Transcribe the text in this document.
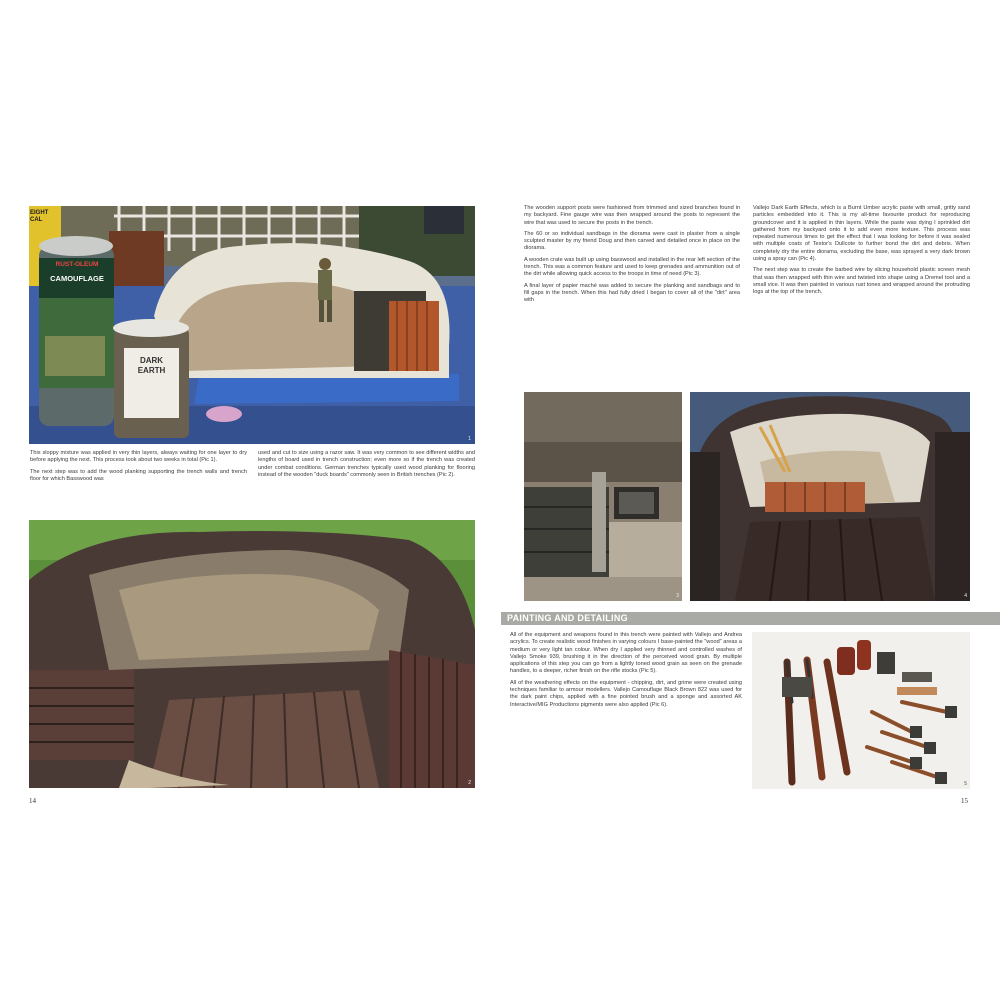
EIGHT
CAL
RUST-OLEUM
CAMOUFLAGE
DARK
EARTH
1

This sloppy mixture was applied in very thin layers, always waiting for one layer to dry before applying the next. This process took about two weeks in total (Pic 1).

The next step was to add the wood planking supporting the trench walls and trench floor for which Basswood was

used and cut to size using a razor saw. It was very common to see different widths and lengths of board used in trench construction; even more so if the trench was created under combat conditions. German trenches typically used wood planking for flooring instead of the wooden "duck boards" commonly seen in British trenches (Pic 2).

2
14

The wooden support posts were fashioned from trimmed and sized branches found in my backyard. Fine gauge wire was then wrapped around the posts to represent the wire that was used to secure the posts in the trench.

The 60 or so individual sandbags in the diorama were cast in plaster from a single sculpted master by my friend Doug and then carved and detailed once in place on the diorama.

A wooden crate was built up using basswood and installed in the rear left section of the trench. This was a common feature and used to keep grenades and ammunition out of the dirt while allowing quick access to the troops in time of need (Pic 3).

A final layer of papier maché was added to secure the planking and sandbags and to fill gaps in the trench. When this had fully dried I began to cover all of the "dirt" area with

Vallejo Dark Earth Effects, which is a Burnt Umber acrylic paste with small, gritty sand particles embedded into it. This is my all-time favourite product for reproducing groundcover and it is applied in thin layers. While the paste was dying I sprinkled dirt gathered from my backyard onto it to add even more texture. This process was repeated numerous times to get the effect that I was looking for before it was sealed with multiple coats of Testor's Dullcote to further bond the dirt and debris. When completely dry the entire diorama, excluding the base, was sprayed a very dark brown using a spray can (Pic 4).

The next step was to create the barbed wire by slicing household plastic screen mesh that was then wrapped with thin wire and twisted into shape using a Dremel tool and a small vice. It was then painted in various rust tones and wrapped around the protruding logs at the top of the trench.

3	4
PAINTING AND DETAILING

All of the equipment and weapons found in this trench were painted with Vallejo and Andrea acrylics. To create realistic wood finishes in varying colours I base-painted the "wood" areas a medium or very light tan colour. When dry I applied very thinned and controlled washes of Vallejo Smoke 939, brushing it in the direction of the perceived wood grain. By multiple applications of this step you can go from a lightly toned wood grain as seen on the grenade handles, to a deeper, richer finish on the rifle stocks (Pic 5).

All of the weathering effects on the equipment - chipping, dirt, and grime were created using techniques familiar to armour modellers. Vallejo Camouflage Black Brown 822 was used for the dark paint chips, applied with a fine pointed brush and a sponge and assorted AK Interactive/MIG Productions pigments were also applied (Pic 6).

5
15
